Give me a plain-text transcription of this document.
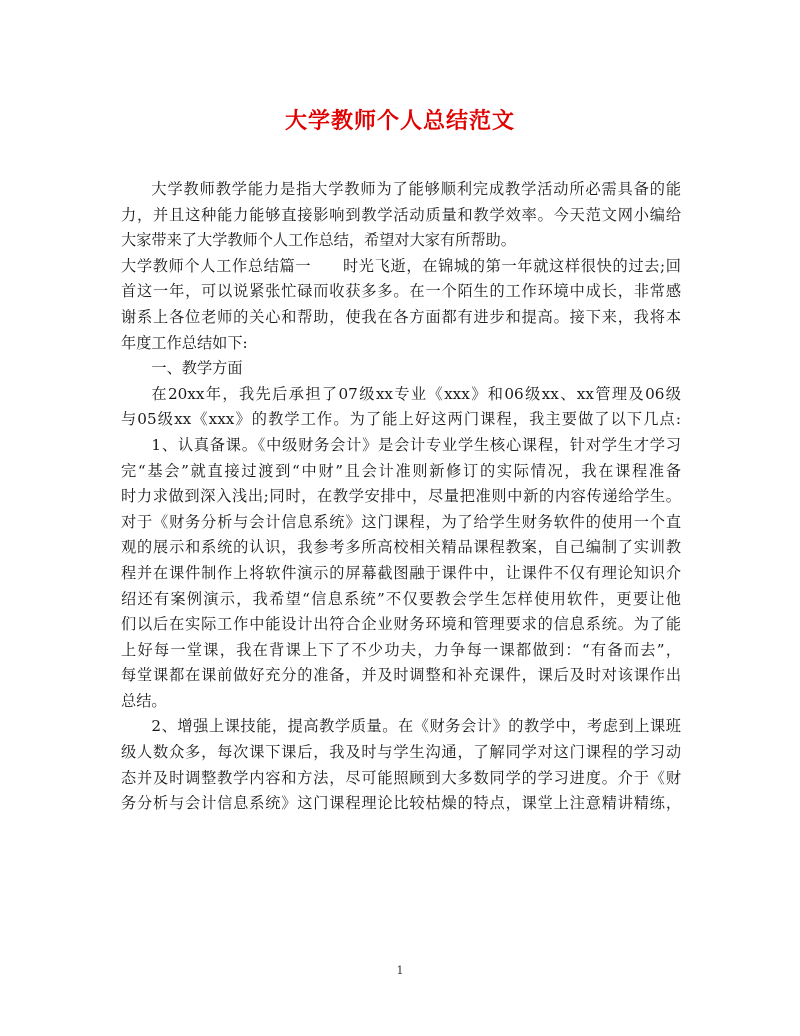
大学教师个人总结范文
大学教师教学能力是指大学教师为了能够顺利完成教学活动所必需具备的能
力，并且这种能力能够直接影响到教学活动质量和教学效率。今天范文网小编给
大家带来了大学教师个人工作总结，希望对大家有所帮助。
大学教师个人工作总结篇一　　时光飞逝，在锦城的第一年就这样很快的过去;回
首这一年，可以说紧张忙碌而收获多多。在一个陌生的工作环境中成长，非常感
谢系上各位老师的关心和帮助，使我在各方面都有进步和提高。接下来，我将本
年度工作总结如下:
一、教学方面
在20xx年，我先后承担了07级xx专业《xxx》和06级xx、xx管理及06级
与05级xx《xxx》的教学工作。为了能上好这两门课程，我主要做了以下几点:
1、认真备课。《中级财务会计》是会计专业学生核心课程，针对学生才学习
完“基会”就直接过渡到“中财”且会计准则新修订的实际情况，我在课程准备
时力求做到深入浅出;同时，在教学安排中，尽量把准则中新的内容传递给学生。
对于《财务分析与会计信息系统》这门课程，为了给学生财务软件的使用一个直
观的展示和系统的认识，我参考多所高校相关精品课程教案，自己编制了实训教
程并在课件制作上将软件演示的屏幕截图融于课件中，让课件不仅有理论知识介
绍还有案例演示，我希望“信息系统”不仅要教会学生怎样使用软件，更要让他
们以后在实际工作中能设计出符合企业财务环境和管理要求的信息系统。为了能
上好每一堂课，我在背课上下了不少功夫，力争每一课都做到：“有备而去”，
每堂课都在课前做好充分的准备，并及时调整和补充课件，课后及时对该课作出
总结。
2、增强上课技能，提高教学质量。在《财务会计》的教学中，考虑到上课班
级人数众多，每次课下课后，我及时与学生沟通，了解同学对这门课程的学习动
态并及时调整教学内容和方法，尽可能照顾到大多数同学的学习进度。介于《财
务分析与会计信息系统》这门课程理论比较枯燥的特点，课堂上注意精讲精练，
1
